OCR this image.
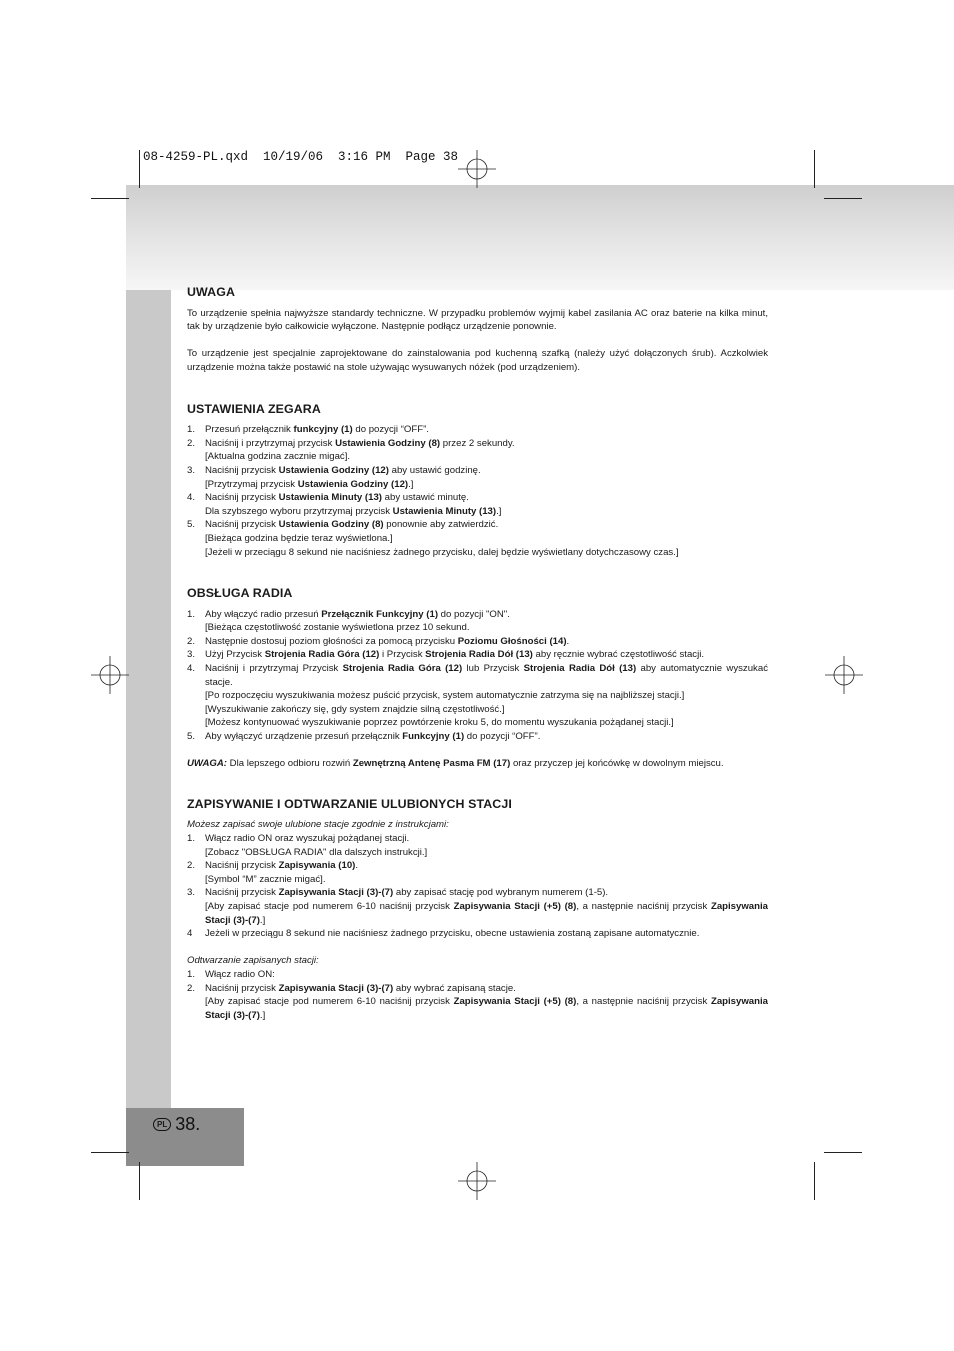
08-4259-PL.qxd  10/19/06  3:16 PM  Page 38
PL 38.
UWAGA

To urządzenie spełnia najwyższe standardy techniczne. W przypadku problemów wyjmij kabel zasilania AC oraz baterie na kilka minut, tak by urządzenie było całkowicie wyłączone. Następnie podłącz urządzenie ponownie.

To urządzenie jest specjalnie zaprojektowane do zainstalowania pod kuchenną szafką (należy użyć dołączonych śrub). Aczkolwiek urządzenie można także postawić na stole używając wysuwanych nóżek (pod urządzeniem).

USTAWIENIA ZEGARA
1.	Przesuń przełącznik funkcyjny (1) do pozycji “OFF”.
2.	Naciśnij i przytrzymaj przycisk Ustawienia Godziny (8) przez 2 sekundy.
[Aktualna godzina zacznie migać].
3.	Naciśnij przycisk Ustawienia Godziny (12) aby ustawić godzinę.
[Przytrzymaj przycisk Ustawienia Godziny (12).]
4.	Naciśnij przycisk Ustawienia Minuty (13) aby ustawić minutę.
Dla szybszego wyboru przytrzymaj przycisk Ustawienia Minuty (13).]
5.	Naciśnij przycisk Ustawienia Godziny (8) ponownie aby zatwierdzić.
[Bieżąca godzina będzie teraz wyświetlona.]
[Jeżeli w przeciągu 8 sekund nie naciśniesz żadnego przycisku, dalej będzie wyświetlany dotychczasowy czas.]
OBSŁUGA RADIA
1.	Aby włączyć radio przesuń Przełącznik Funkcyjny (1) do pozycji "ON".
[Bieżąca częstotliwość zostanie wyświetlona przez 10 sekund.
2.	Następnie dostosuj poziom głośności za pomocą przycisku Poziomu Głośności (14).
3.	Użyj Przycisk Strojenia Radia Góra (12) i Przycisk Strojenia Radia Dół (13) aby ręcznie wybrać częstotliwość stacji.
4.	Naciśnij i przytrzymaj Przycisk Strojenia Radia Góra (12) lub Przycisk Strojenia Radia Dół (13) aby automatycznie wyszukać stacje.
[Po rozpoczęciu wyszukiwania możesz puścić przycisk, system automatycznie zatrzyma się na najbliższej stacji.]
[Wyszukiwanie zakończy się, gdy system znajdzie silną częstotliwość.]
[Możesz kontynuować wyszukiwanie poprzez powtórzenie kroku 5, do momentu wyszukania pożądanej stacji.]
5.	Aby wyłączyć urządzenie przesuń przełącznik Funkcyjny (1) do pozycji “OFF”.

UWAGA: Dla lepszego odbioru rozwiń Zewnętrzną Antenę Pasma FM (17) oraz przyczep jej końcówkę w dowolnym miejscu.

ZAPISYWANIE I ODTWARZANIE ULUBIONYCH STACJI

Możesz zapisać swoje ulubione stacje zgodnie z instrukcjami:

1.	Włącz radio ON oraz wyszukaj pożądanej stacji.
[Zobacz "OBSŁUGA RADIA" dla dalszych instrukcji.]
2.	Naciśnij przycisk Zapisywania (10).
[Symbol “M” zacznie migać].
3.	Naciśnij przycisk Zapisywania Stacji (3)-(7) aby zapisać stację pod wybranym numerem (1-5).
[Aby zapisać stacje pod numerem 6-10 naciśnij przycisk Zapisywania Stacji (+5) (8), a następnie naciśnij przycisk Zapisywania Stacji (3)-(7).]
4	Jeżeli w przeciągu 8 sekund nie naciśniesz żadnego przycisku, obecne ustawienia zostaną zapisane automatycznie.

Odtwarzanie zapisanych stacji:

1.	Włącz radio ON:
2.	Naciśnij przycisk Zapisywania Stacji (3)-(7) aby wybrać zapisaną stacje.
[Aby zapisać stacje pod numerem 6-10 naciśnij przycisk Zapisywania Stacji (+5) (8), a następnie naciśnij przycisk Zapisywania Stacji (3)-(7).]
